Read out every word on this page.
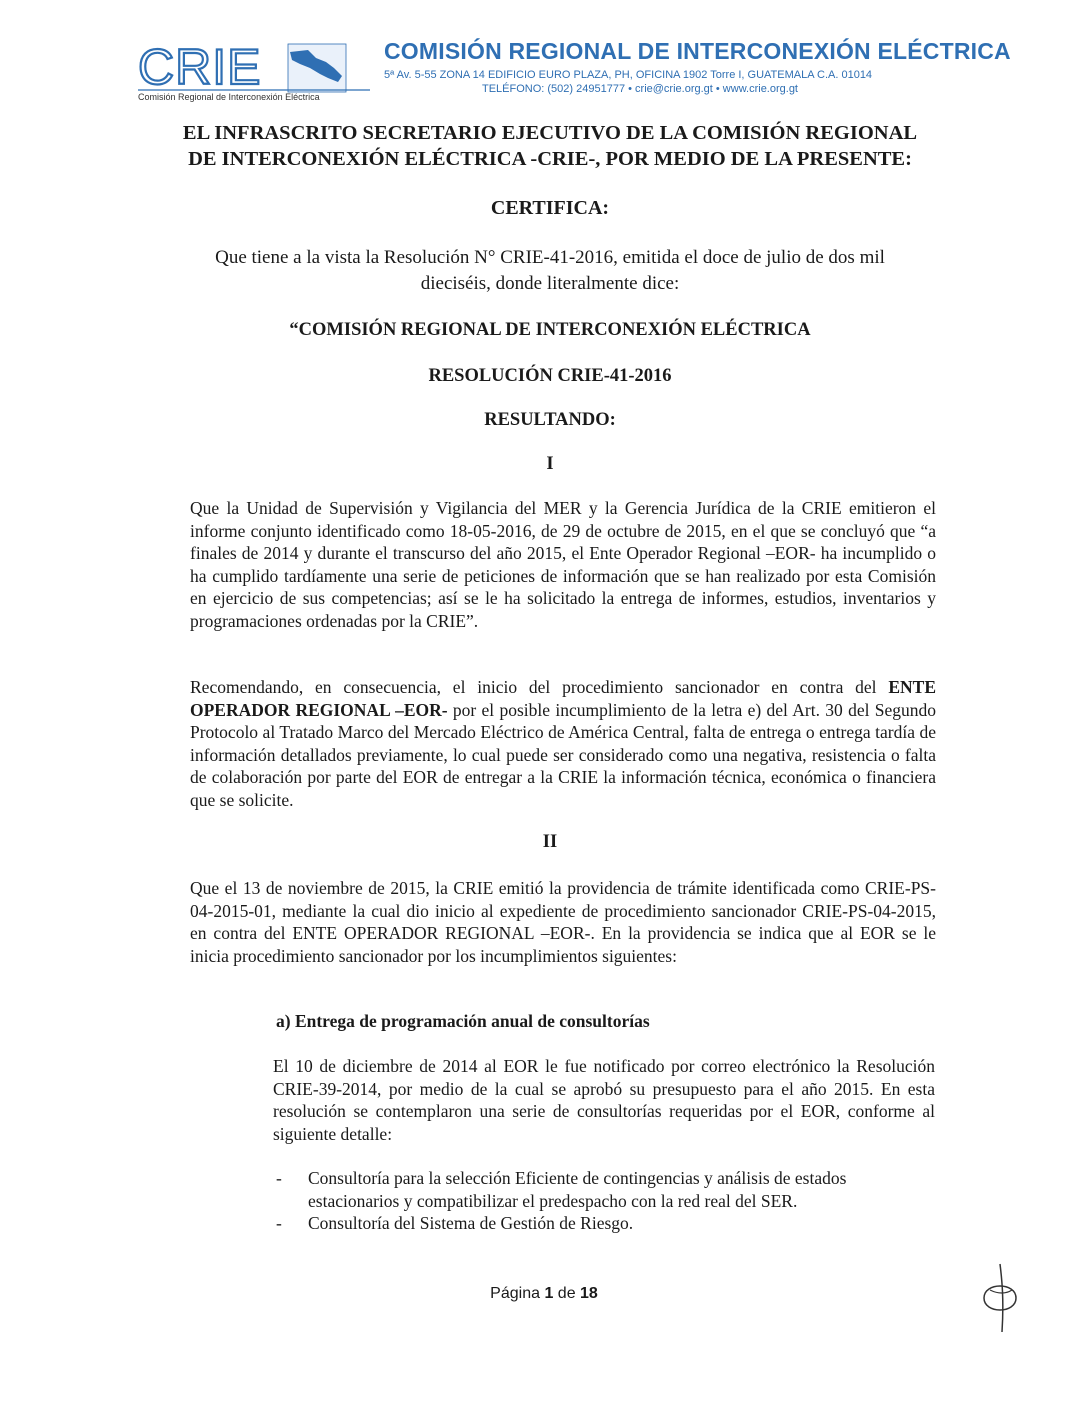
CRIE
Comisión Regional de Interconexión Eléctrica
COMISIÓN REGIONAL DE INTERCONEXIÓN ELÉCTRICA
5ª Av. 5-55 ZONA 14 EDIFICIO EURO PLAZA, PH, OFICINA 1902 Torre I, GUATEMALA C.A. 01014
TELÉFONO: (502) 24951777 • crie@crie.org.gt • www.crie.org.gt
EL INFRASCRITO SECRETARIO EJECUTIVO DE LA COMISIÓN REGIONAL
DE INTERCONEXIÓN ELÉCTRICA -CRIE-, POR MEDIO DE LA PRESENTE:
CERTIFICA:
Que tiene a la vista la Resolución N° CRIE-41-2016, emitida el doce de julio de dos mil
dieciséis, donde literalmente dice:
“COMISIÓN REGIONAL DE INTERCONEXIÓN ELÉCTRICA
RESOLUCIÓN CRIE-41-2016
RESULTANDO:
I
Que la Unidad de Supervisión y Vigilancia del MER y la Gerencia Jurídica de la CRIE emitieron el informe conjunto identificado como 18-05-2016, de 29 de octubre de 2015, en el que se concluyó que “a finales de 2014 y durante el transcurso del año 2015, el Ente Operador Regional –EOR- ha incumplido o ha cumplido tardíamente una serie de peticiones de información que se han realizado por esta Comisión en ejercicio de sus competencias; así se le ha solicitado la entrega de informes, estudios, inventarios y programaciones ordenadas por la CRIE”.
Recomendando, en consecuencia, el inicio del procedimiento sancionador en contra del ENTE OPERADOR REGIONAL –EOR- por el posible incumplimiento de la letra e) del Art. 30 del Segundo Protocolo al Tratado Marco del Mercado Eléctrico de América Central, falta de entrega o entrega tardía de información detallados previamente, lo cual puede ser considerado como una negativa, resistencia o falta de colaboración por parte del EOR de entregar a la CRIE la información técnica, económica o financiera que se solicite.
II
Que el 13 de noviembre de 2015, la CRIE emitió la providencia de trámite identificada como CRIE-PS-04-2015-01, mediante la cual dio inicio al expediente de procedimiento sancionador CRIE-PS-04-2015, en contra del ENTE OPERADOR REGIONAL –EOR-. En la providencia se indica que al EOR se le inicia procedimiento sancionador por los incumplimientos siguientes:
a) Entrega de programación anual de consultorías
El 10 de diciembre de 2014 al EOR le fue notificado por correo electrónico la Resolución CRIE-39-2014, por medio de la cual se aprobó su presupuesto para el año 2015. En esta resolución se contemplaron una serie de consultorías requeridas por el EOR, conforme al siguiente detalle:
- Consultoría para la selección Eficiente de contingencias y análisis de estados estacionarios y compatibilizar el predespacho con la red real del SER.
- Consultoría del Sistema de Gestión de Riesgo.
Página 1 de 18
